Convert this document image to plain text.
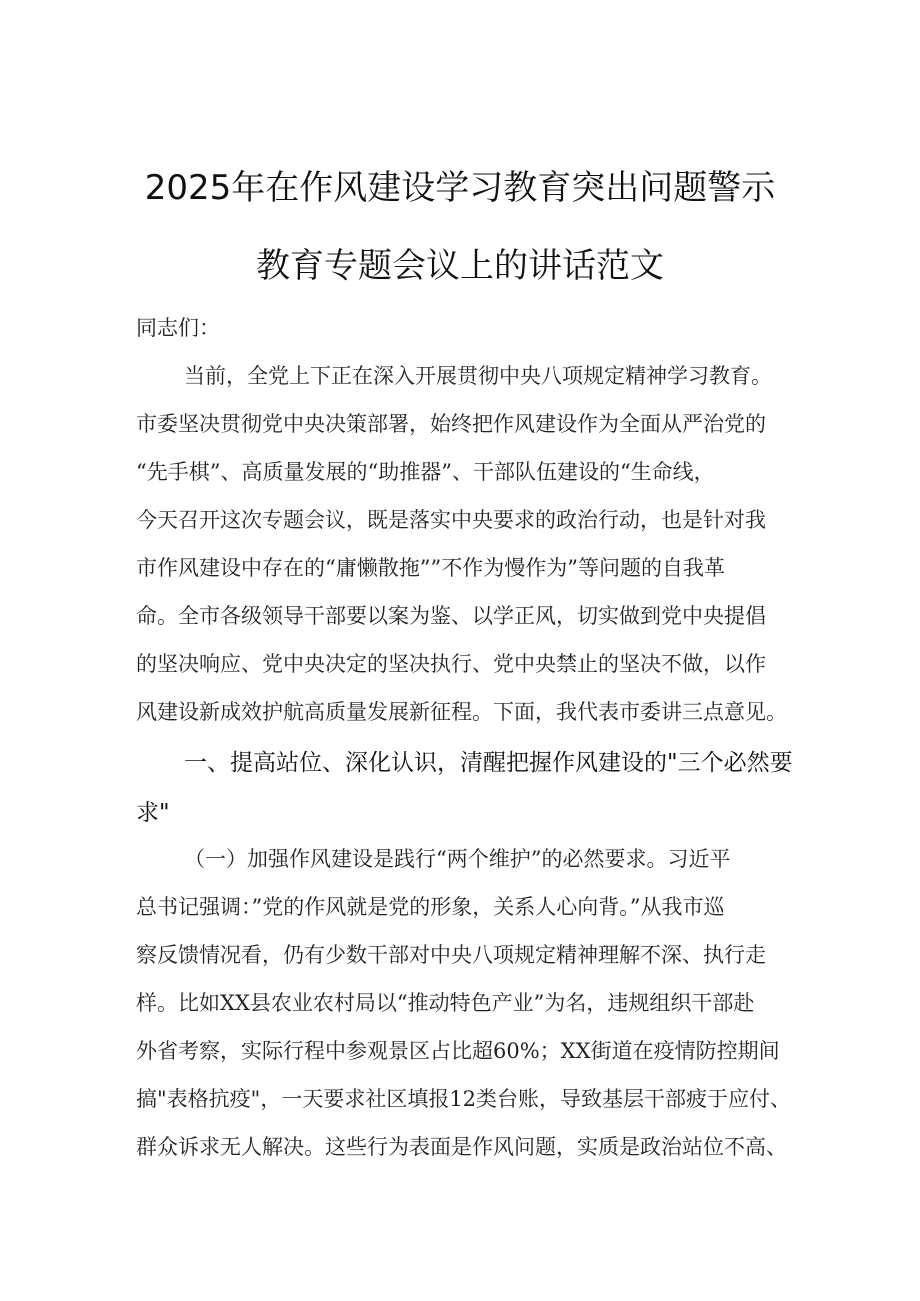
2025年在作风建设学习教育突出问题警示
教育专题会议上的讲话范文
同志们：
当前，全党上下正在深入开展贯彻中央八项规定精神学习教育。
市委坚决贯彻党中央决策部署，始终把作风建设作为全面从严治党的
“先手棋”、高质量发展的“助推器”、干部队伍建设的“生命线，
今天召开这次专题会议，既是落实中央要求的政治行动，也是针对我
市作风建设中存在的“庸懒散拖””不作为慢作为”等问题的自我革
命。全市各级领导干部要以案为鉴、以学正风，切实做到党中央提倡
的坚决响应、党中央决定的坚决执行、党中央禁止的坚决不做，以作
风建设新成效护航高质量发展新征程。下面，我代表市委讲三点意见。
一、提高站位、深化认识，清醒把握作风建设的"三个必然要
求"
（一）加强作风建设是践行“两个维护”的必然要求。习近平
总书记强调：”党的作风就是党的形象，关系人心向背。”从我市巡
察反馈情况看，仍有少数干部对中央八项规定精神理解不深、执行走
样。比如XX县农业农村局以“推动特色产业”为名，违规组织干部赴
外省考察，实际行程中参观景区占比超60%；XX街道在疫情防控期间
搞"表格抗疫"，一天要求社区填报12类台账，导致基层干部疲于应付、
群众诉求无人解决。这些行为表面是作风问题，实质是政治站位不高、
